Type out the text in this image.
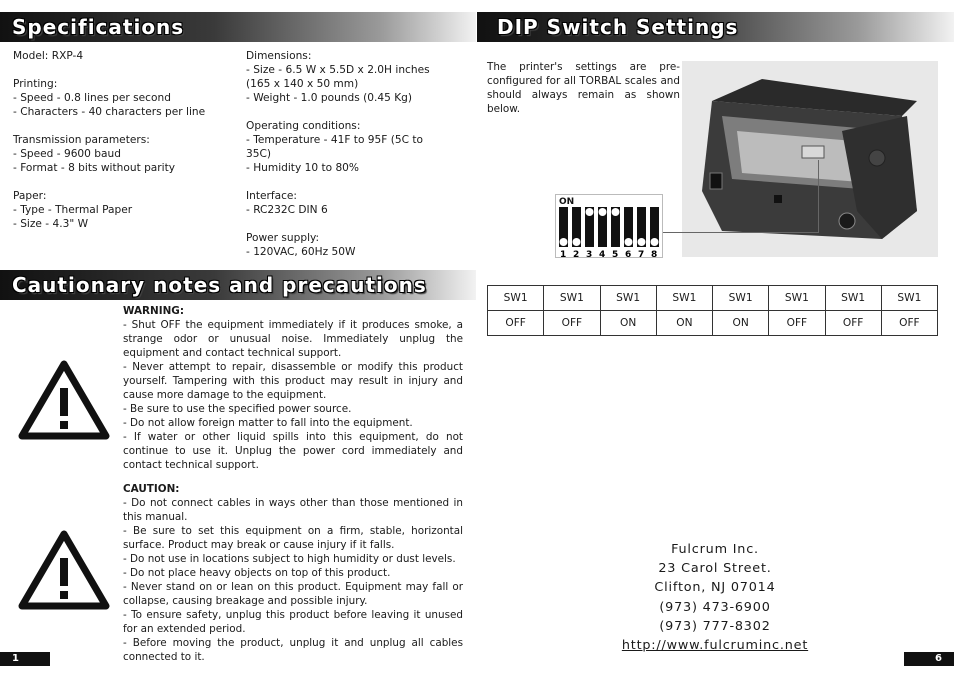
Specifications	DIP Switch Settings
Cautionary notes and precautions
Model: RXP-4

Printing:
- Speed - 0.8 lines per second
- Characters - 40 characters per line

Transmission parameters:
- Speed - 9600 baud
- Format - 8 bits without parity

Paper:
- Type - Thermal Paper
- Size - 4.3" W
Dimensions:
- Size - 6.5 W x 5.5D x 2.0H inches
(165 x 140 x 50 mm)
- Weight - 1.0 pounds (0.45 Kg)

Operating conditions:
- Temperature - 41F to 95F (5C to
35C)
- Humidity 10 to 80%

Interface:
- RC232C DIN 6

Power supply:
- 120VAC, 60Hz 50W
The printer's settings are pre-configured for all TORBAL scales and should always remain as shown below.
ON
1 2 3 4 5 6 7 8
SW1	SW1	SW1	SW1	SW1	SW1	SW1	SW1
OFF	OFF	ON	ON	ON	OFF	OFF	OFF
WARNING:

- Shut OFF the equipment immediately if it produces smoke, a strange odor or unusual noise. Immediately unplug the equipment and contact technical support.

- Never attempt to repair, disassemble or modify this product yourself. Tampering with this product may result in injury and cause more damage to the equipment.

- Be sure to use the specified power source.

- Do not allow foreign matter to fall into the equipment.

- If water or other liquid spills into this equipment, do not continue to use it. Unplug the power cord immediately and contact technical support.

CAUTION:

- Do not connect cables in ways other than those mentioned in this manual.

- Be sure to set this equipment on a firm, stable, horizontal surface. Product may break or cause injury if it falls.

- Do not use in locations subject to high humidity or dust levels.

- Do not place heavy objects on top of this product.

- Never stand on or lean on this product. Equipment may fall or collapse, causing breakage and possible injury.

- To ensure safety, unplug this product before leaving it unused for an extended period.

- Before moving the product, unplug it and unplug all cables connected to it.

Fulcrum Inc.
23 Carol Street.
Clifton, NJ 07014
(973) 473-6900
(973) 777-8302
http://www.fulcruminc.net
1	6
